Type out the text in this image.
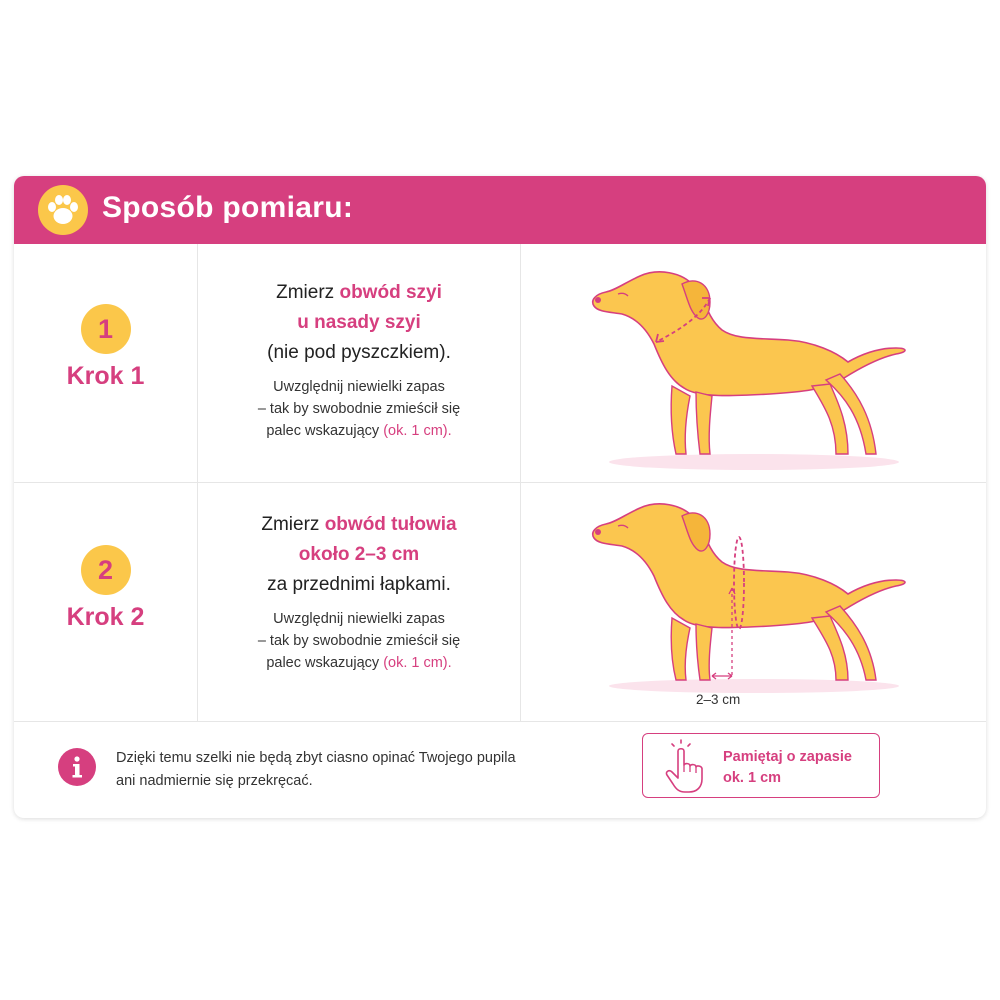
Sposób pomiaru:
1
Krok 1
Zmierz obwód szyi
u nasady szyi
(nie pod pyszczkiem).
Uwzględnij niewielki zapas
– tak by swobodnie zmieścił się
palec wskazujący (ok. 1 cm).
2
Krok 2
Zmierz obwód tułowia
około 2–3 cm
za przednimi łapkami.
Uwzględnij niewielki zapas
– tak by swobodnie zmieścił się
palec wskazujący (ok. 1 cm).
2–3 cm
Dzięki temu szelki nie będą zbyt ciasno opinać Twojego pupila
ani nadmiernie się przekręcać.
Pamiętaj o zapasie
ok. 1 cm
